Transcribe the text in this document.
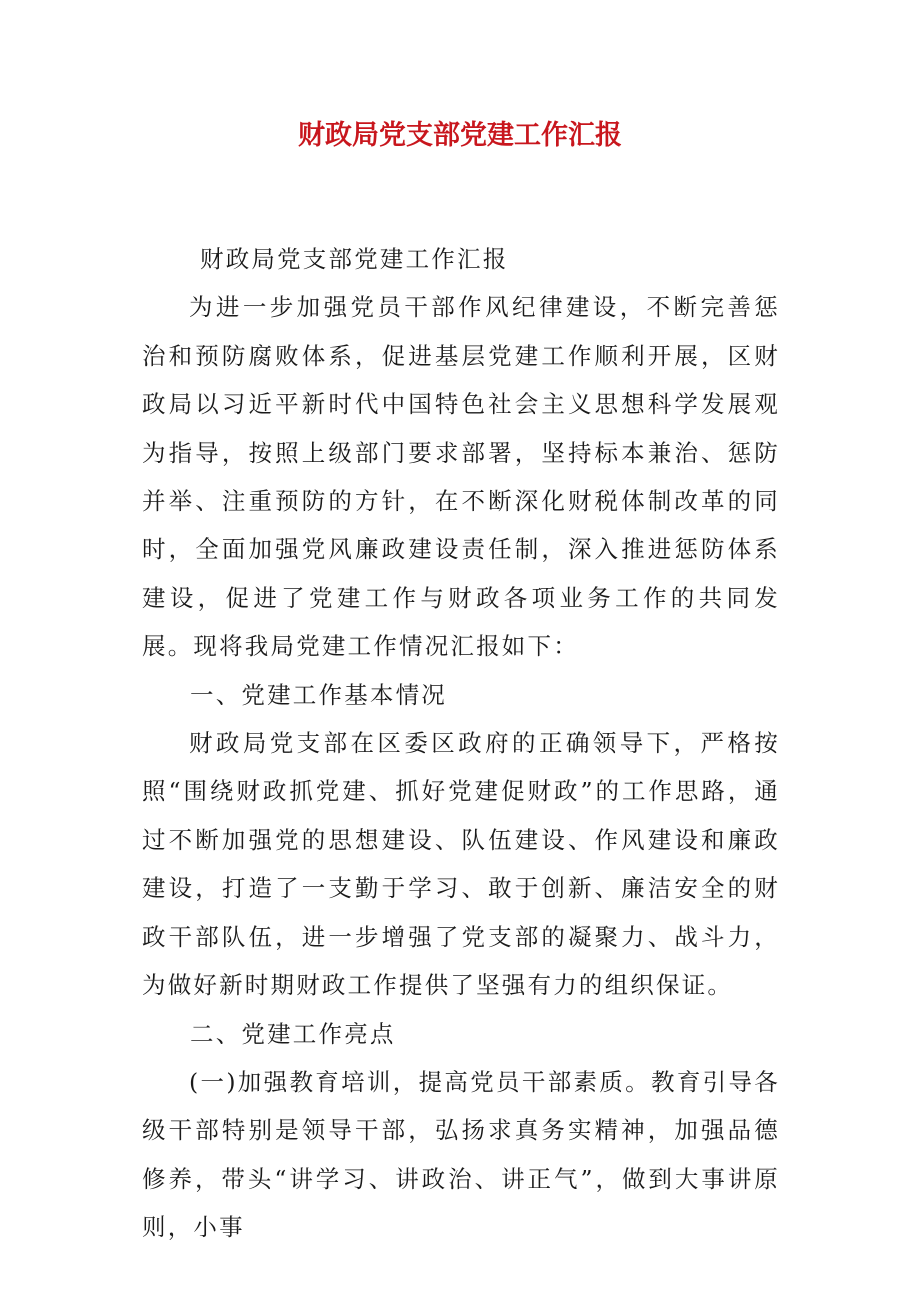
财政局党支部党建工作汇报

财政局党支部党建工作汇报

为进一步加强党员干部作风纪律建设，不断完善惩治和预防腐败体系，促进基层党建工作顺利开展，区财政局以习近平新时代中国特色社会主义思想科学发展观为指导，按照上级部门要求部署，坚持标本兼治、惩防并举、注重预防的方针，在不断深化财税体制改革的同时，全面加强党风廉政建设责任制，深入推进惩防体系建设，促进了党建工作与财政各项业务工作的共同发展。现将我局党建工作情况汇报如下：

一、党建工作基本情况

财政局党支部在区委区政府的正确领导下，严格按照“围绕财政抓党建、抓好党建促财政”的工作思路，通过不断加强党的思想建设、队伍建设、作风建设和廉政建设，打造了一支勤于学习、敢于创新、廉洁安全的财政干部队伍，进一步增强了党支部的凝聚力、战斗力，为做好新时期财政工作提供了坚强有力的组织保证。

二、党建工作亮点

(一)加强教育培训，提高党员干部素质。教育引导各级干部特别是领导干部，弘扬求真务实精神，加强品德修养，带头“讲学习、讲政治、讲正气”，做到大事讲原则，小事
